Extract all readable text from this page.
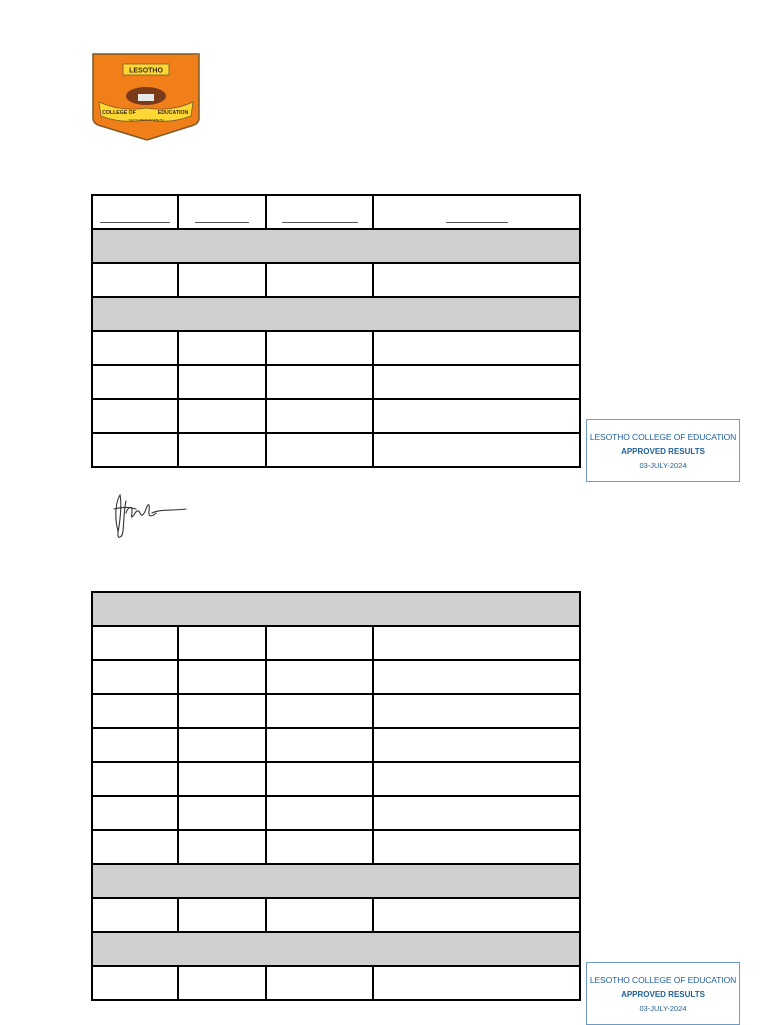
LESOTHO
COLLEGE OF	EDUCATION
THUTO EBILE MOSEBETSI

LESOTHO COLLEGE OF EDUCATION
APPROVED RESULTS
03-JULY-2024

LESOTHO COLLEGE OF EDUCATION
APPROVED RESULTS
03-JULY-2024
